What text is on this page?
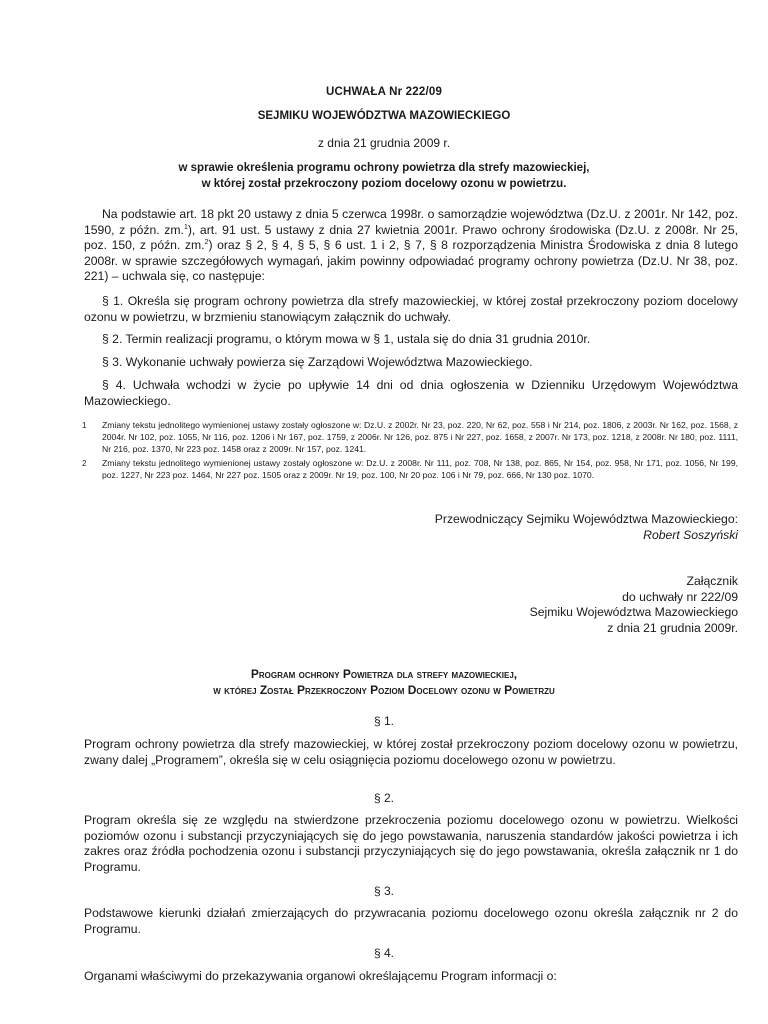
UCHWAŁA Nr 222/09
SEJMIKU WOJEWÓDZTWA MAZOWIECKIEGO
z dnia 21 grudnia 2009 r.
w sprawie określenia programu ochrony powietrza dla strefy mazowieckiej,
w której został przekroczony poziom docelowy ozonu w powietrzu.
Na podstawie art. 18 pkt 20 ustawy z dnia 5 czerwca 1998r. o samorządzie województwa (Dz.U. z 2001r. Nr 142, poz. 1590, z późn. zm.$^1$), art. 91 ust. 5 ustawy z dnia 27 kwietnia 2001r. Prawo ochrony środowiska (Dz.U. z 2008r. Nr 25, poz. 150, z późn. zm.$^2$) oraz § 2, § 4, § 5, § 6 ust. 1 i 2, § 7, § 8 rozporządzenia Ministra Środowiska z dnia 8 lutego 2008r. w sprawie szczegółowych wymagań, jakim powinny odpowiadać programy ochrony powietrza (Dz.U. Nr 38, poz. 221) – uchwala się, co następuje:
§ 1. Określa się program ochrony powietrza dla strefy mazowieckiej, w której został przekroczony poziom docelowy ozonu w powietrzu, w brzmieniu stanowiącym załącznik do uchwały.
§ 2. Termin realizacji programu, o którym mowa w § 1, ustala się do dnia 31 grudnia 2010r.
§ 3. Wykonanie uchwały powierza się Zarządowi Województwa Mazowieckiego.
§ 4. Uchwała wchodzi w życie po upływie 14 dni od dnia ogłoszenia w Dzienniku Urzędowym Województwa Mazowieckiego.
1	Zmiany tekstu jednolitego wymienionej ustawy zostały ogłoszone w: Dz.U. z 2002r. Nr 23, poz. 220, Nr 62, poz. 558 i Nr 214, poz. 1806, z 2003r. Nr 162, poz. 1568, z 2004r. Nr 102, poz. 1055, Nr 116, poz. 1206 i Nr 167, poz. 1759, z 2006r. Nr 126, poz. 875 i Nr 227, poz. 1658, z 2007r. Nr 173, poz. 1218, z 2008r. Nr 180, poz. 1111, Nr 216, poz. 1370, Nr 223 poz. 1458 oraz z 2009r. Nr 157, poz. 1241.
2	Zmiany tekstu jednolitego wymienionej ustawy zostały ogłoszone w: Dz.U. z 2008r. Nr 111, poz. 708, Nr 138, poz. 865, Nr 154, poz. 958, Nr 171, poz. 1056, Nr 199, poz. 1227, Nr 223 poz. 1464, Nr 227 poz. 1505 oraz z 2009r. Nr 19, poz. 100, Nr 20 poz. 106 i Nr 79, poz. 666, Nr 130 poz. 1070.
Przewodniczący Sejmiku Województwa Mazowieckiego:
Robert Soszyński
Załącznik
do uchwały nr 222/09
Sejmiku Województwa Mazowieckiego
z dnia 21 grudnia 2009r.
Program ochrony Powietrza dla strefy mazowieckiej,
w której Został Przekroczony Poziom Docelowy ozonu w Powietrzu
§ 1.
Program ochrony powietrza dla strefy mazowieckiej, w której został przekroczony poziom docelowy ozonu w powietrzu, zwany dalej „Programem”, określa się w celu osiągnięcia poziomu docelowego ozonu w powietrzu.
§ 2.
Program określa się ze względu na stwierdzone przekroczenia poziomu docelowego ozonu w powietrzu. Wielkości poziomów ozonu i substancji przyczyniających się do jego powstawania, naruszenia standardów jakości powietrza i ich zakres oraz źródła pochodzenia ozonu i substancji przyczyniających się do jego powstawania, określa załącznik nr 1 do Programu.
§ 3.
Podstawowe kierunki działań zmierzających do przywracania poziomu docelowego ozonu określa załącznik nr 2 do Programu.
§ 4.
Organami właściwymi do przekazywania organowi określającemu Program informacji o:
